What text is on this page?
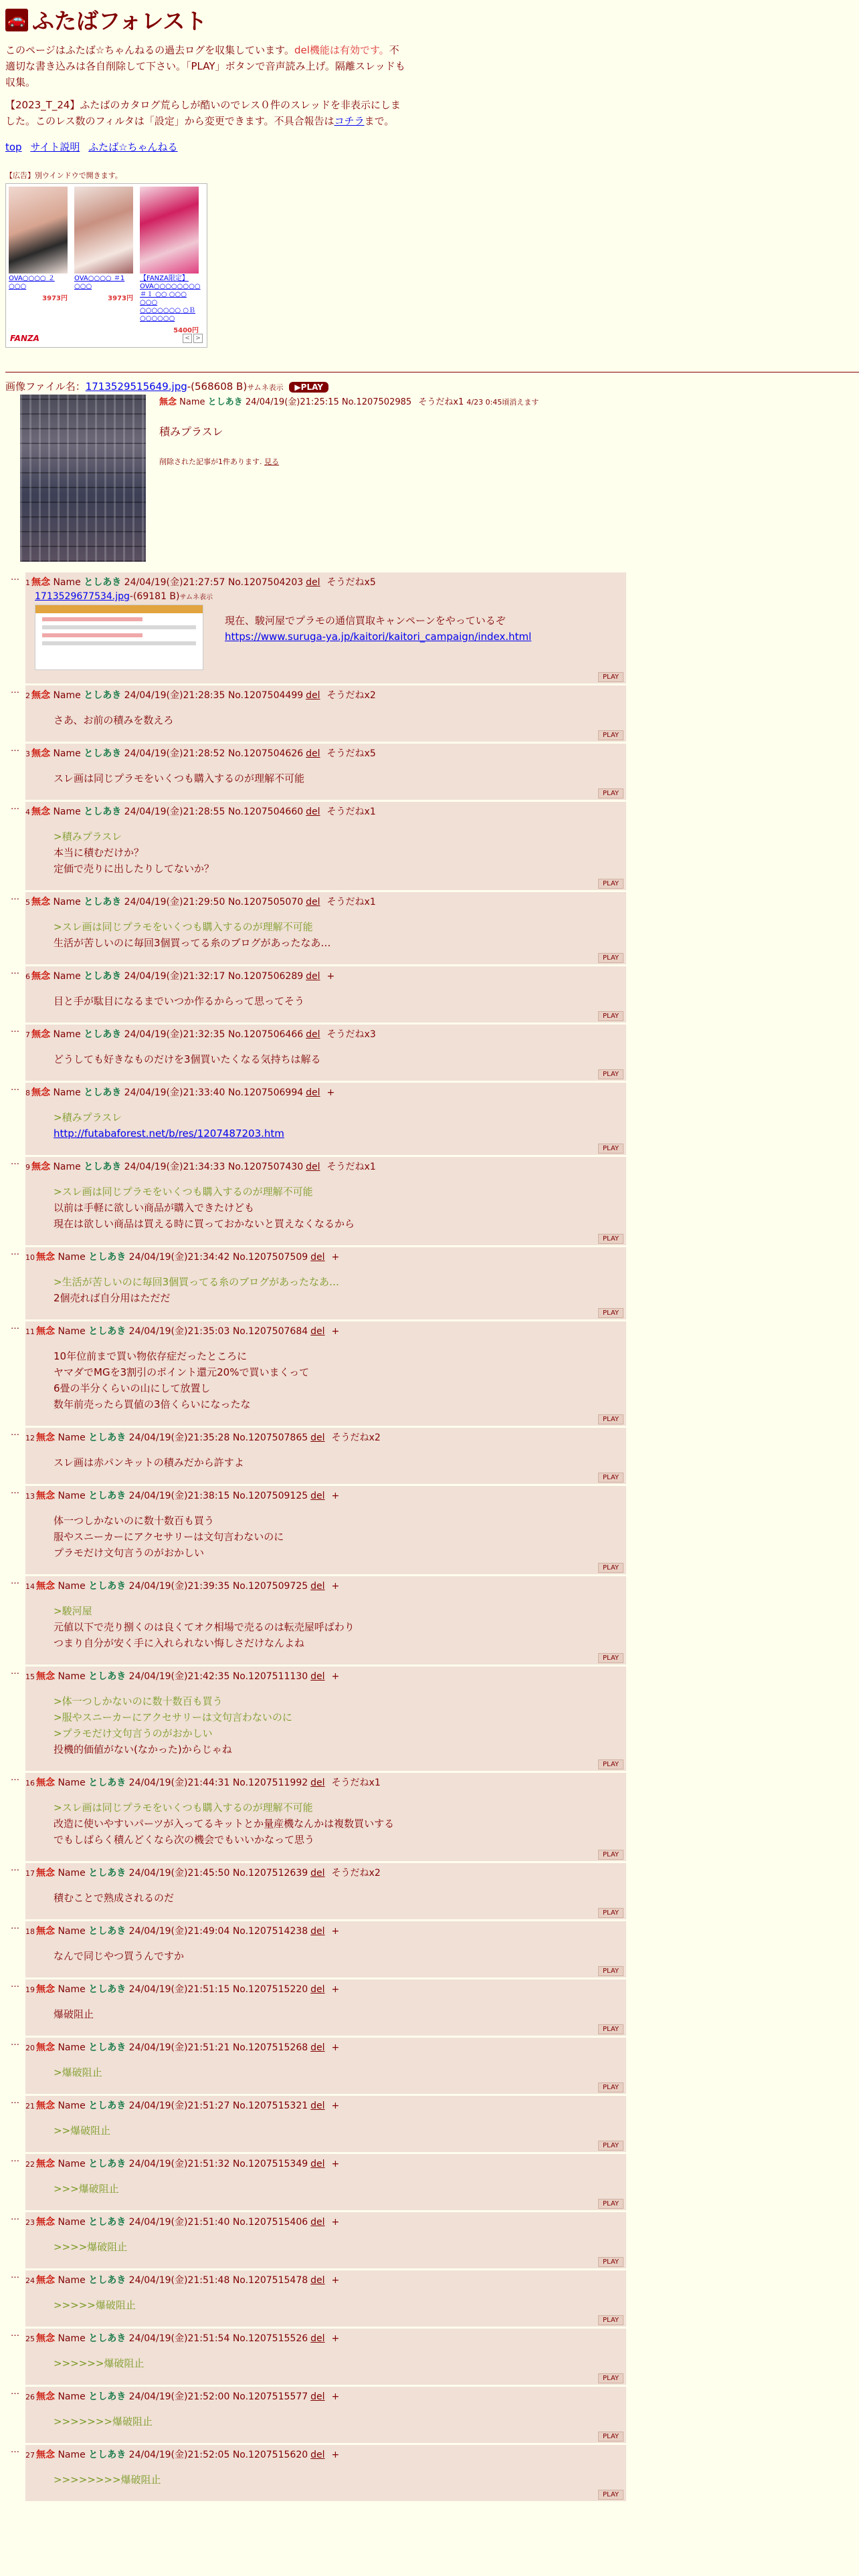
🚗 ふたばフォレスト
このページはふたば☆ちゃんねるの過去ログを収集しています。del機能は有効です。不適切な書き込みは各自削除して下さい。「PLAY」ボタンで音声読み上げ。隔離スレッドも収集。
【2023_T_24】ふたばのカタログ荒らしが酷いのでレス０件のスレッドを非表示にしました。このレス数のフィルタは「設定」から変更できます。不具合報告はコチラまで。
top サイト説明 ふたば☆ちゃんねる
【広告】別ウインドウで開きます。
OVA○○○○ ２ ○○○
3973円
OVA○○○○ ＃1 ○○○
3973円
【FANZA限定】OVA○○○○○○○○＃１ ○○ ○○○ ○○○ ○○○○○○○ ○Ｂ○○○○○○
5400円
FANZA	< >
画像ファイル名：1713529515649.jpg-(568608 B)サムネ表示 ▶PLAY
無念 Name としあき 24/04/19(金)21:25:15 No.1207502985 そうだねx1 4/23 0:45頃消えます
積みプラスレ
削除された記事が1件あります. 見る
…
1 無念 Name としあき 24/04/19(金)21:27:57 No.1207504203 del そうだねx5
1713529677534.jpg-(69181 B)サムネ表示
現在、駿河屋でプラモの通信買取キャンペーンをやっているぞ
https://www.suruga-ya.jp/kaitori/kaitori_campaign/index.html
PLAY
…
2 無念 Name としあき 24/04/19(金)21:28:35 No.1207504499 del そうだねx2
さあ、お前の積みを数えろ
PLAY
…
3 無念 Name としあき 24/04/19(金)21:28:52 No.1207504626 del そうだねx5
スレ画は同じプラモをいくつも購入するのが理解不可能
PLAY
…
4 無念 Name としあき 24/04/19(金)21:28:55 No.1207504660 del そうだねx1
>積みプラスレ
本当に積むだけか？
定価で売りに出したりしてないか？
PLAY
…
5 無念 Name としあき 24/04/19(金)21:29:50 No.1207505070 del そうだねx1
>スレ画は同じプラモをいくつも購入するのが理解不可能
生活が苦しいのに毎回3個買ってる糸のブログがあったなあ…
PLAY
…
6 無念 Name としあき 24/04/19(金)21:32:17 No.1207506289 del +
目と手が駄目になるまでいつか作るからって思ってそう
PLAY
…
7 無念 Name としあき 24/04/19(金)21:32:35 No.1207506466 del そうだねx3
どうしても好きなものだけを3個買いたくなる気持ちは解る
PLAY
…
8 無念 Name としあき 24/04/19(金)21:33:40 No.1207506994 del +
>積みプラスレ
http://futabaforest.net/b/res/1207487203.htm
PLAY
…
9 無念 Name としあき 24/04/19(金)21:34:33 No.1207507430 del そうだねx1
>スレ画は同じプラモをいくつも購入するのが理解不可能
以前は手軽に欲しい商品が購入できたけども
現在は欲しい商品は買える時に買っておかないと買えなくなるから
PLAY
…
10 無念 Name としあき 24/04/19(金)21:34:42 No.1207507509 del +
>生活が苦しいのに毎回3個買ってる糸のブログがあったなあ…
2個売れば自分用はただだ
PLAY
…
11 無念 Name としあき 24/04/19(金)21:35:03 No.1207507684 del +
10年位前まで買い物依存症だったところに
ヤマダでMGを3割引のポイント還元20%で買いまくって
6畳の半分くらいの山にして放置し
数年前売ったら買値の3倍くらいになったな
PLAY
…
12 無念 Name としあき 24/04/19(金)21:35:28 No.1207507865 del そうだねx2
スレ画は赤パンキットの積みだから許すよ
PLAY
…
13 無念 Name としあき 24/04/19(金)21:38:15 No.1207509125 del +
体一つしかないのに数十数百も買う
服やスニーカーにアクセサリーは文句言わないのに
プラモだけ文句言うのがおかしい
PLAY
…
14 無念 Name としあき 24/04/19(金)21:39:35 No.1207509725 del +
>駿河屋
元値以下で売り捌くのは良くてオク相場で売るのは転売屋呼ばわり
つまり自分が安く手に入れられない悔しさだけなんよね
PLAY
…
15 無念 Name としあき 24/04/19(金)21:42:35 No.1207511130 del +
>体一つしかないのに数十数百も買う
>服やスニーカーにアクセサリーは文句言わないのに
>プラモだけ文句言うのがおかしい
投機的価値がない(なかった)からじゃね
PLAY
…
16 無念 Name としあき 24/04/19(金)21:44:31 No.1207511992 del そうだねx1
>スレ画は同じプラモをいくつも購入するのが理解不可能
改造に使いやすいパーツが入ってるキットとか量産機なんかは複数買いする
でもしばらく積んどくなら次の機会でもいいかなって思う
PLAY
…
17 無念 Name としあき 24/04/19(金)21:45:50 No.1207512639 del そうだねx2
積むことで熟成されるのだ
PLAY
…
18 無念 Name としあき 24/04/19(金)21:49:04 No.1207514238 del +
なんで同じやつ買うんですか
PLAY
…
19 無念 Name としあき 24/04/19(金)21:51:15 No.1207515220 del +
爆破阻止
PLAY
…
20 無念 Name としあき 24/04/19(金)21:51:21 No.1207515268 del +
>爆破阻止
PLAY
…
21 無念 Name としあき 24/04/19(金)21:51:27 No.1207515321 del +
>>爆破阻止
PLAY
…
22 無念 Name としあき 24/04/19(金)21:51:32 No.1207515349 del +
>>>爆破阻止
PLAY
…
23 無念 Name としあき 24/04/19(金)21:51:40 No.1207515406 del +
>>>>爆破阻止
PLAY
…
24 無念 Name としあき 24/04/19(金)21:51:48 No.1207515478 del +
>>>>>爆破阻止
PLAY
…
25 無念 Name としあき 24/04/19(金)21:51:54 No.1207515526 del +
>>>>>>爆破阻止
PLAY
…
26 無念 Name としあき 24/04/19(金)21:52:00 No.1207515577 del +
>>>>>>>爆破阻止
PLAY
…
27 無念 Name としあき 24/04/19(金)21:52:05 No.1207515620 del +
>>>>>>>>爆破阻止
PLAY
